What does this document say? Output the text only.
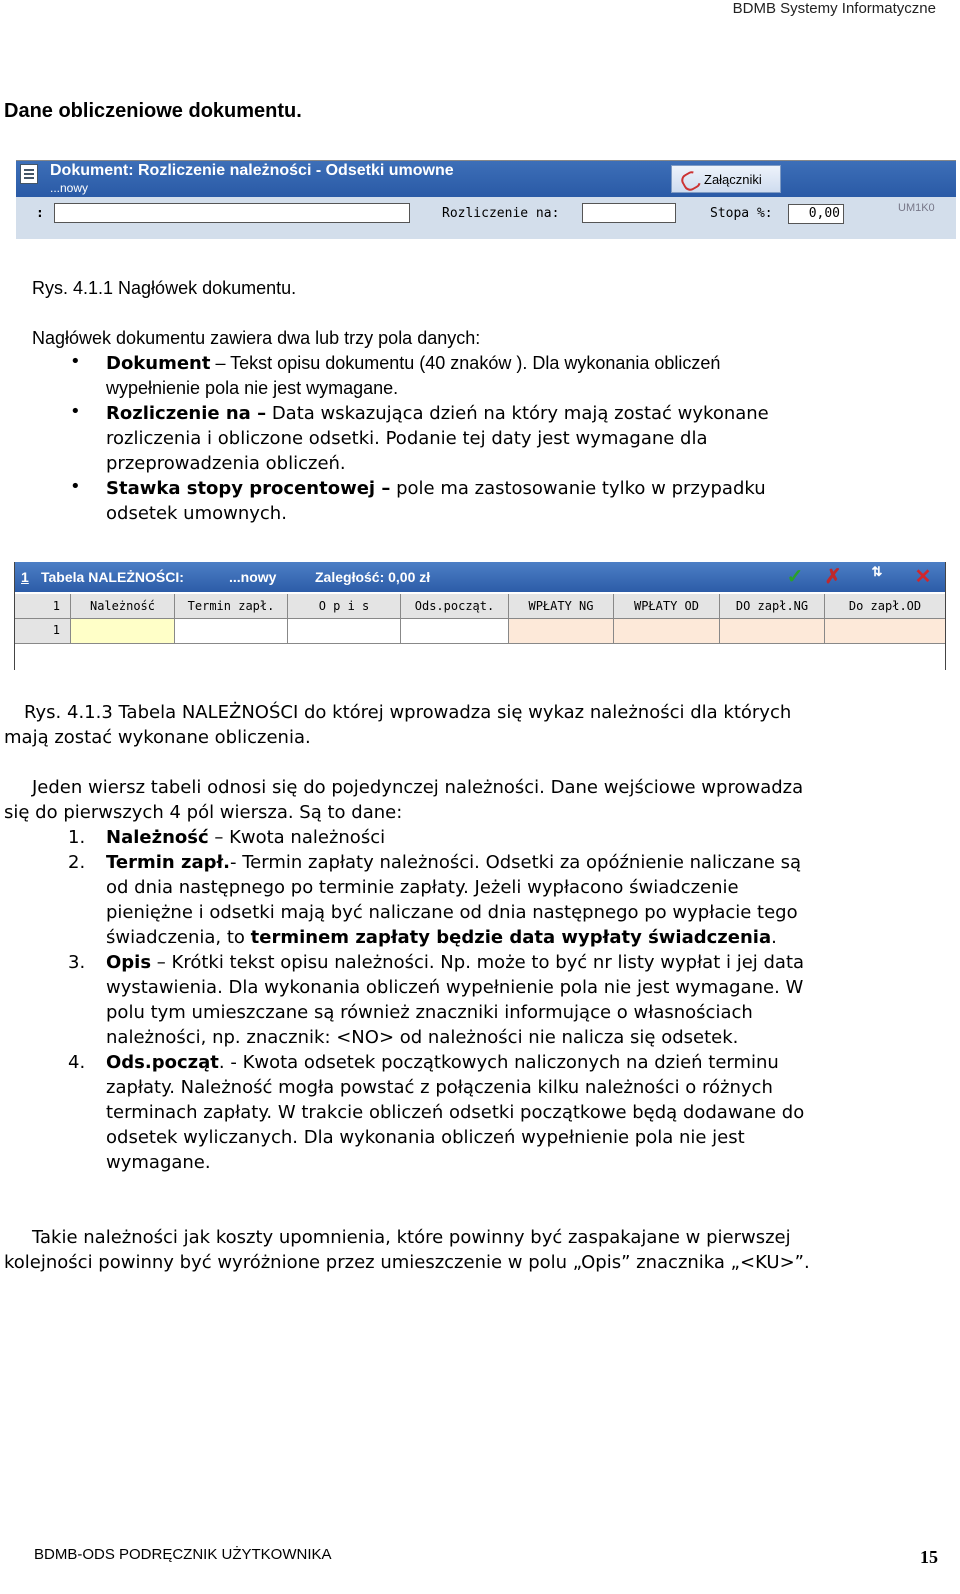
BDMB Systemy Informatyczne
Dane obliczeniowe dokumentu.
Dokument: Rozliczenie należności - Odsetki umowne
...nowy
Załączniki
:	Rozliczenie na:	Stopa %:	0,00	UM1K0
Rys. 4.1.1 Nagłówek dokumentu.
Nagłówek dokumentu zawiera dwa lub trzy pola danych:
• Dokument – Tekst opisu dokumentu (40 znaków ). Dla wykonania obliczeń
wypełnienie pola nie jest wymagane.
• Rozliczenie na – Data wskazująca dzień na który mają zostać wykonane
rozliczenia i obliczone odsetki. Podanie tej daty jest wymagane dla
przeprowadzenia obliczeń.
• Stawka stopy procentowej – pole ma zastosowanie tylko w przypadku
odsetek umownych.
1 Tabela NALEŻNOŚCI:	...nowy	Zaległość: 0,00 zł	✓ ✗	⇅	✕
1	Należność	Termin zapł.	O p i s	Ods.począt.	WPŁATY NG	WPŁATY OD	DO zapł.NG	Do zapł.OD
1
Rys. 4.1.3 Tabela NALEŻNOŚCI do której wprowadza się wykaz należności dla których
mają zostać wykonane obliczenia.
Jeden wiersz tabeli odnosi się do pojedynczej należności. Dane wejściowe wprowadza
się do pierwszych 4 pól wiersza. Są to dane:
1. Należność – Kwota należności
2. Termin zapł.- Termin zapłaty należności. Odsetki za opóźnienie naliczane są
od dnia następnego po terminie zapłaty. Jeżeli wypłacono świadczenie
pieniężne i odsetki mają być naliczane od dnia następnego po wypłacie tego
świadczenia, to terminem zapłaty będzie data wypłaty świadczenia.
3. Opis – Krótki tekst opisu należności. Np. może to być nr listy wypłat i jej data
wystawienia. Dla wykonania obliczeń wypełnienie pola nie jest wymagane. W
polu tym umieszczane są również znaczniki informujące o własnościach
należności, np. znacznik: <NO> od należności nie nalicza się odsetek.
4. Ods.począt. - Kwota odsetek początkowych naliczonych na dzień terminu
zapłaty. Należność mogła powstać z połączenia kilku należności o różnych
terminach zapłaty. W trakcie obliczeń odsetki początkowe będą dodawane do
odsetek wyliczanych. Dla wykonania obliczeń wypełnienie pola nie jest
wymagane.
Takie należności jak koszty upomnienia, które powinny być zaspakajane w pierwszej
kolejności powinny być wyróżnione przez umieszczenie w polu „Opis” znacznika „<KU>”.
BDMB-ODS PODRĘCZNIK UŻYTKOWNIKA	15
